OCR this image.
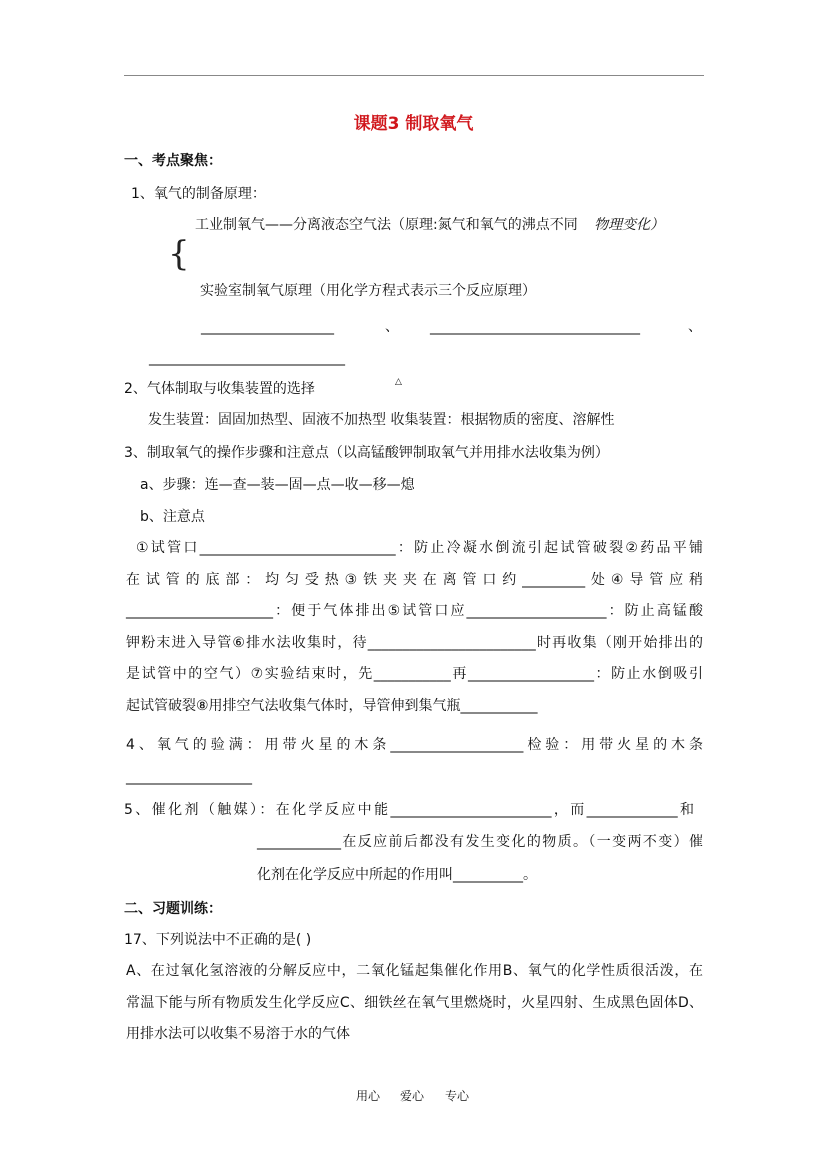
课题3 制取氧气
一、考点聚焦：
1、氧气的制备原理：
工业制氧气——分离液态空气法（原理:氮气和氧气的沸点不同 物理变化）
{
实验室制氧气原理（用化学方程式表示三个反应原理）
___________________	、 ______________________________	、
____________________________
2、气体制取与收集装置的选择	△
发生装置：固固加热型、固液不加热型 收集装置：根据物质的密度、溶解性
3、制取氧气的操作步骤和注意点（以高锰酸钾制取氧气并用排水法收集为例）
a、步骤：连—查—装—固—点—收—移—熄
b、注意点
①试管口____________________________：防止冷凝水倒流引起试管破裂②药品平铺
在试管的底部：均匀受热③铁夹夹在离管口约_________处④导管应稍
_____________________：便于气体排出⑤试管口应____________________：防止高锰酸
钾粉末进入导管⑥排水法收集时，待________________________时再收集（刚开始排出的
是试管中的空气）⑦实验结束时，先___________再__________________：防止水倒吸引
起试管破裂⑧用排空气法收集气体时，导管伸到集气瓶___________
4、氧气的验满：用带火星的木条___________________检验：用带火星的木条
__________________
5、催化剂（触媒）：在化学反应中能_______________________，而_____________和
____________在反应前后都没有发生变化的物质。（一变两不变）催
化剂在化学反应中所起的作用叫__________。
二、习题训练：
17、下列说法中不正确的是( )
A、在过氧化氢溶液的分解反应中，二氧化锰起集催化作用B、氧气的化学性质很活泼，在
常温下能与所有物质发生化学反应C、细铁丝在氧气里燃烧时，火星四射、生成黑色固体D、
用排水法可以收集不易溶于水的气体
用心 爱心 专心
